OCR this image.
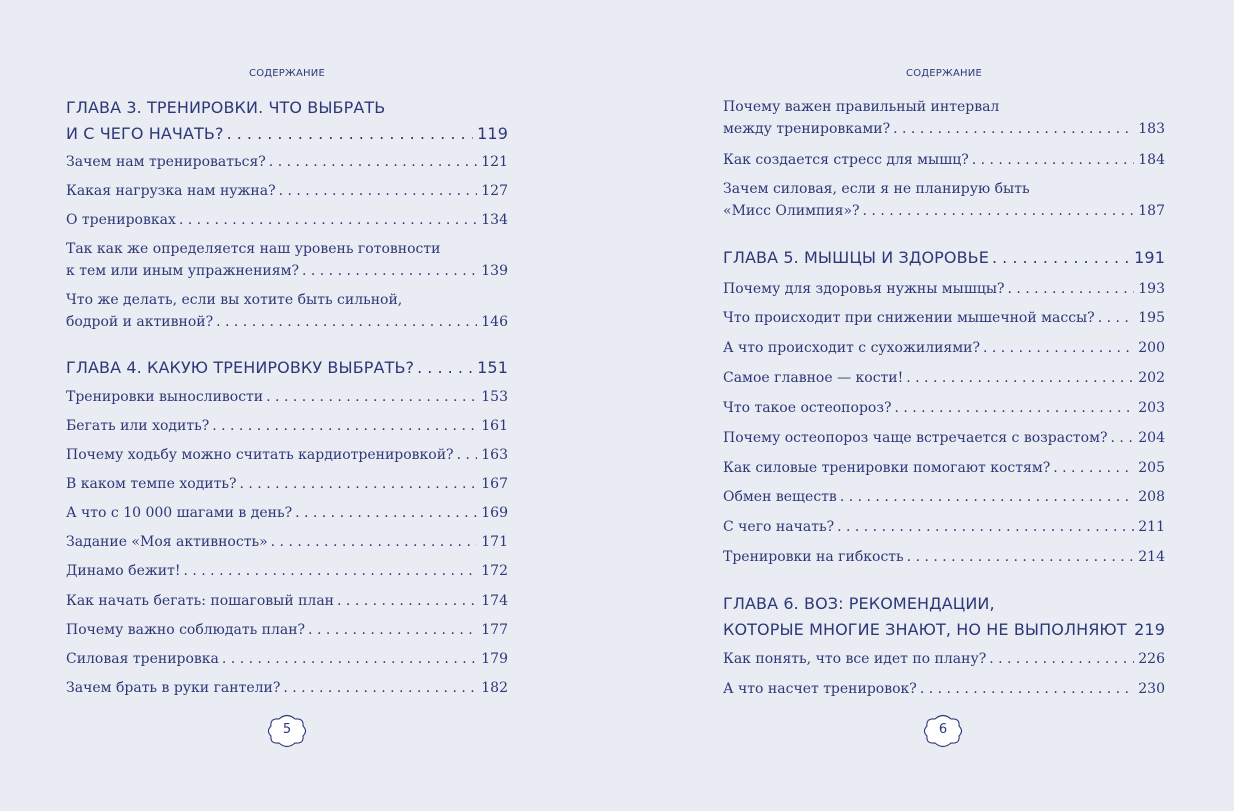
СОДЕРЖАНИЕ
ГЛАВА 3. ТРЕНИРОВКИ. ЧТО ВЫБРАТЬ
И С ЧЕГО НАЧАТЬ? . . .	119
Зачем нам тренироваться? . . .	121
Какая нагрузка нам нужна? . . .	127
О тренировках . . .	134
Так как же определяется наш уровень готовности
к тем или иным упражнениям? . . .	139
Что же делать, если вы хотите быть сильной,
бодрой и активной? . . .	146
ГЛАВА 4. КАКУЮ ТРЕНИРОВКУ ВЫБРАТЬ? . . .	151
Тренировки выносливости . . .	153
Бегать или ходить? . . .	161
Почему ходьбу можно считать кардиотренировкой? . . . 163
В каком темпе ходить? . . .	167
А что с 10 000 шагами в день? . . .	169
Задание «Моя активность» . . .	171
Динамо бежит! . . .	172
Как начать бегать: пошаговый план . . .	174
Почему важно соблюдать план? . . .	177
Силовая тренировка . . .	179
Зачем брать в руки гантели? . . .	182
5
СОДЕРЖАНИЕ
Почему важен правильный интервал
между тренировками? . . .	183
Как создается стресс для мышц? . . .	184
Зачем силовая, если я не планирую быть
«Мисс Олимпия»? . . .	187
ГЛАВА 5. МЫШЦЫ И ЗДОРОВЬЕ . . .	191
Почему для здоровья нужны мышцы? . . .	193
Что происходит при снижении мышечной массы? . . .	195
А что происходит с сухожилиями? . . .	200
Самое главное — кости! . . .	202
Что такое остеопороз? . . .	203
Почему остеопороз чаще встречается с возрастом? . . . 204
Как силовые тренировки помогают костям? . . .	205
Обмен веществ . . .	208
С чего начать? . . .	211
Тренировки на гибкость . . .	214
ГЛАВА 6. ВОЗ: РЕКОМЕНДАЦИИ,
КОТОРЫЕ МНОГИЕ ЗНАЮТ, НО НЕ ВЫПОЛНЯЮТ . . . 219
Как понять, что все идет по плану? . . .	226
А что насчет тренировок? . . .	230
6
